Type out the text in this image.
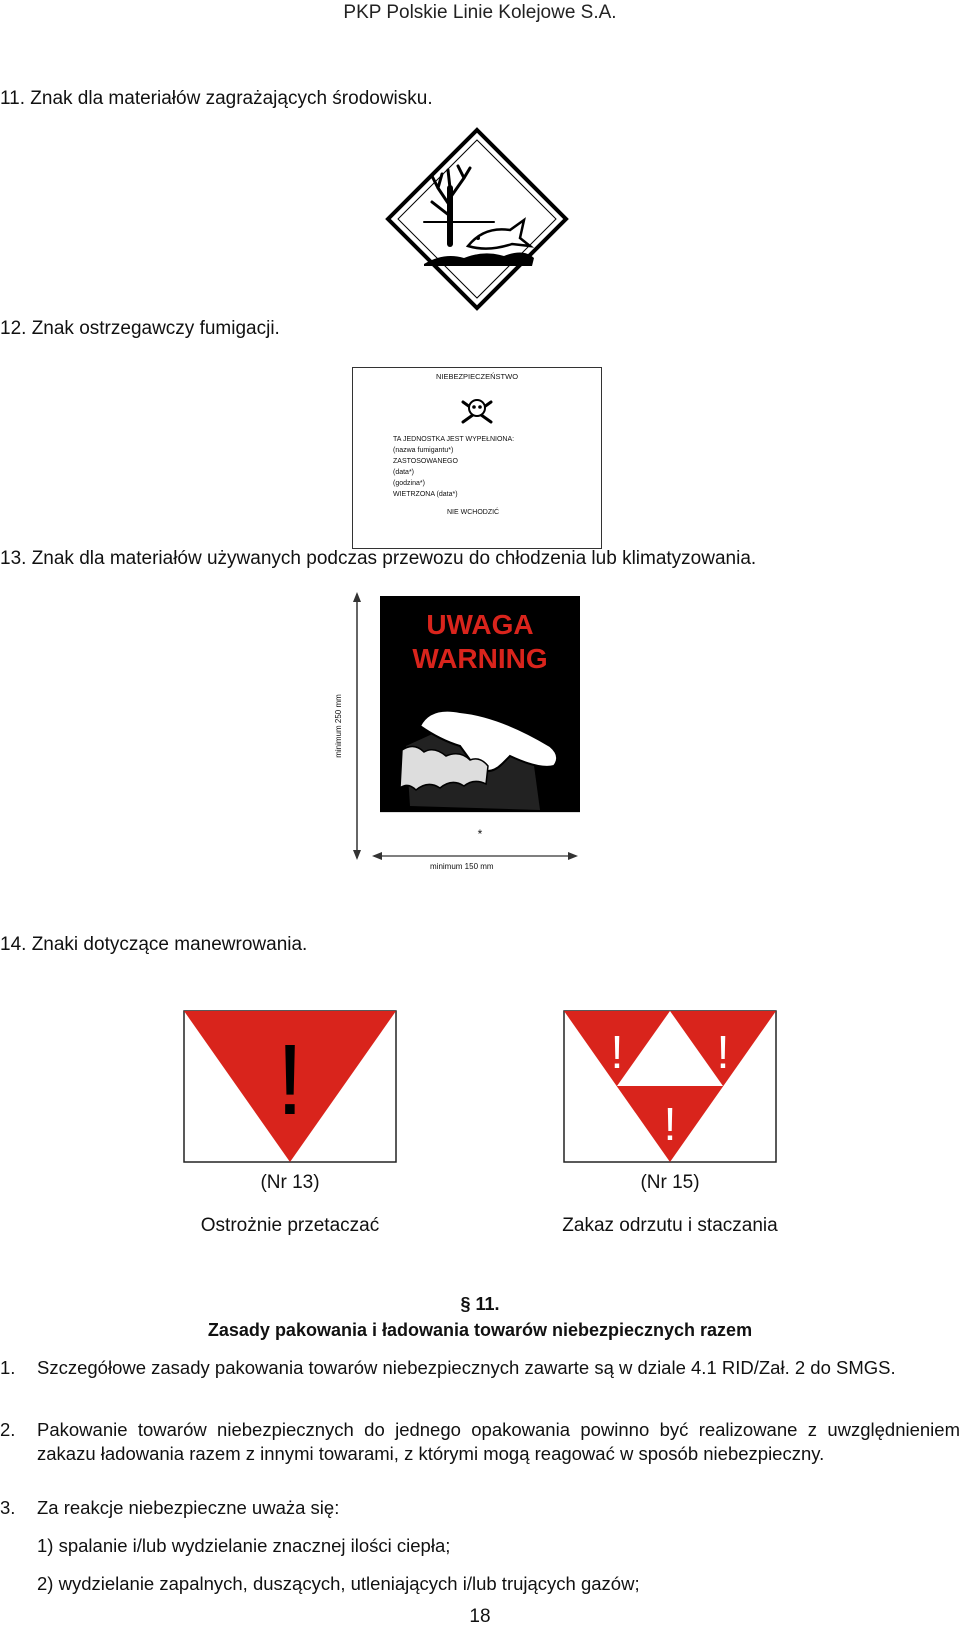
PKP Polskie Linie Kolejowe S.A.
11. Znak dla materiałów zagrażających środowisku.
12. Znak ostrzegawczy fumigacji.
NIEBEZPIECZEŃSTWO
TA JEDNOSTKA JEST WYPEŁNIONA:
(nazwa fumigantu*)
ZASTOSOWANEGO
(data*)
(godzina*)
WIETRZONA (data*)
NIE WCHODZIĆ
13. Znak dla materiałów używanych podczas przewozu do chłodzenia lub klimatyzowania.
minimum 250 mm
UWAGA
WARNING
*
minimum 150 mm
14. Znaki dotyczące manewrowania.
!	! !
!
(Nr 13)
Ostrożnie przetaczać
(Nr 15)
Zakaz odrzutu i staczania
§ 11.
Zasady pakowania i ładowania towarów niebezpiecznych razem
1.	Szczegółowe zasady pakowania towarów niebezpiecznych zawarte są w dziale 4.1 RID/Zał. 2 do SMGS.
2.	Pakowanie towarów niebezpiecznych do jednego opakowania powinno być realizowane z uwzględnieniem zakazu ładowania razem z innymi towarami, z którymi mogą reagować w sposób niebezpieczny.
3.	Za reakcje niebezpieczne uważa się:
1) spalanie i/lub wydzielanie znacznej ilości ciepła;
2) wydzielanie zapalnych, duszących, utleniających i/lub trujących gazów;
18
